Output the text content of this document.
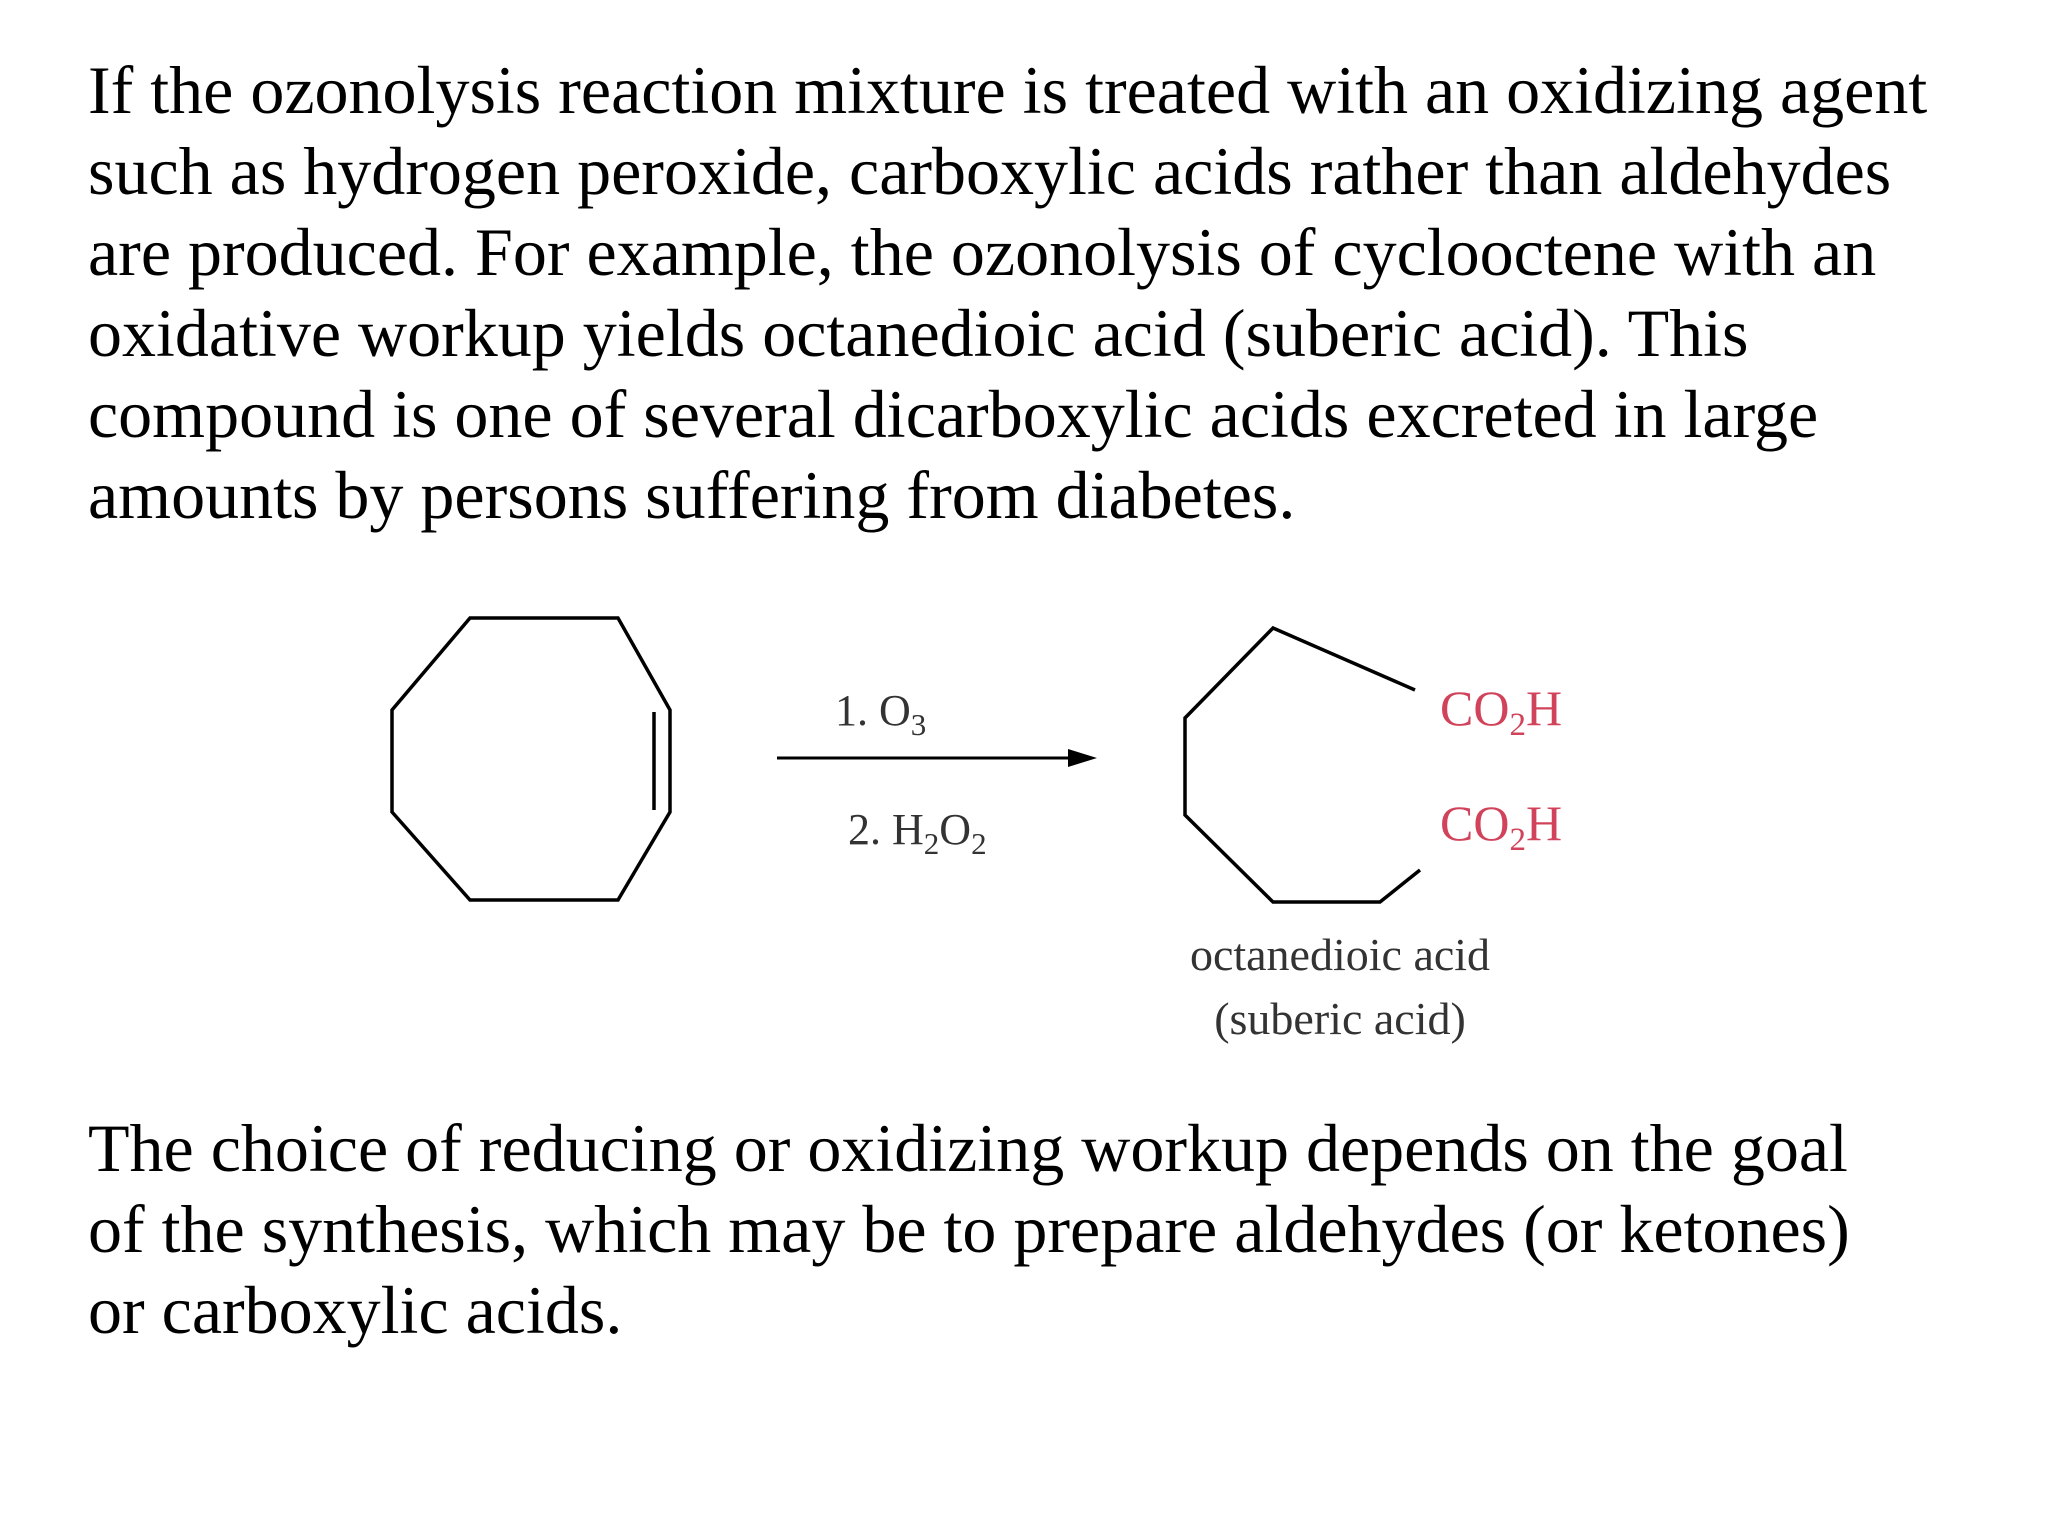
If the ozonolysis reaction mixture is treated with an oxidizing agent
such as hydrogen peroxide, carboxylic acids rather than aldehydes
are produced. For example, the ozonolysis of cyclooctene with an
oxidative workup yields octanedioic acid (suberic acid). This
compound is one of several dicarboxylic acids excreted in large
amounts by persons suffering from diabetes.
1. $O_3$
2. $H_2O_2$
$CO_2H$
$CO_2H$
octanedioic acid
(suberic acid)
The choice of reducing or oxidizing workup depends on the goal
of the synthesis, which may be to prepare aldehydes (or ketones)
or carboxylic acids.
